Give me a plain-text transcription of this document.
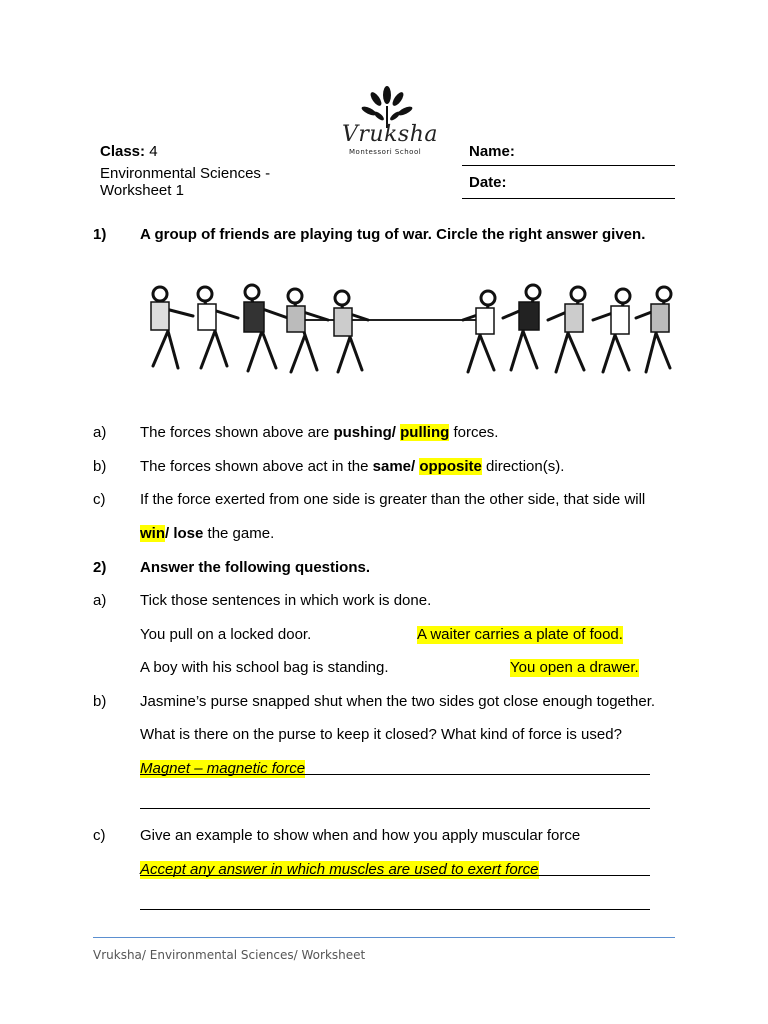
Vruksha
Montessori School
Class: 4
Environmental Sciences -
Worksheet 1
Name:
Date:
1) A group of friends are playing tug of war. Circle the right answer given.
a) The forces shown above are pushing/ pulling forces.
b) The forces shown above act in the same/ opposite direction(s).
c) If the force exerted from one side is greater than the other side, that side will
win/ lose the game.
2) Answer the following questions.
a) Tick those sentences in which work is done.
You pull on a locked door.	A waiter carries a plate of food.
A boy with his school bag is standing.	You open a drawer.
b) Jasmine’s purse snapped shut when the two sides got close enough together.
What is there on the purse to keep it closed? What kind of force is used?
Magnet – magnetic force
c) Give an example to show when and how you apply muscular force
Accept any answer in which muscles are used to exert force
Vruksha/ Environmental Sciences/ Worksheet
